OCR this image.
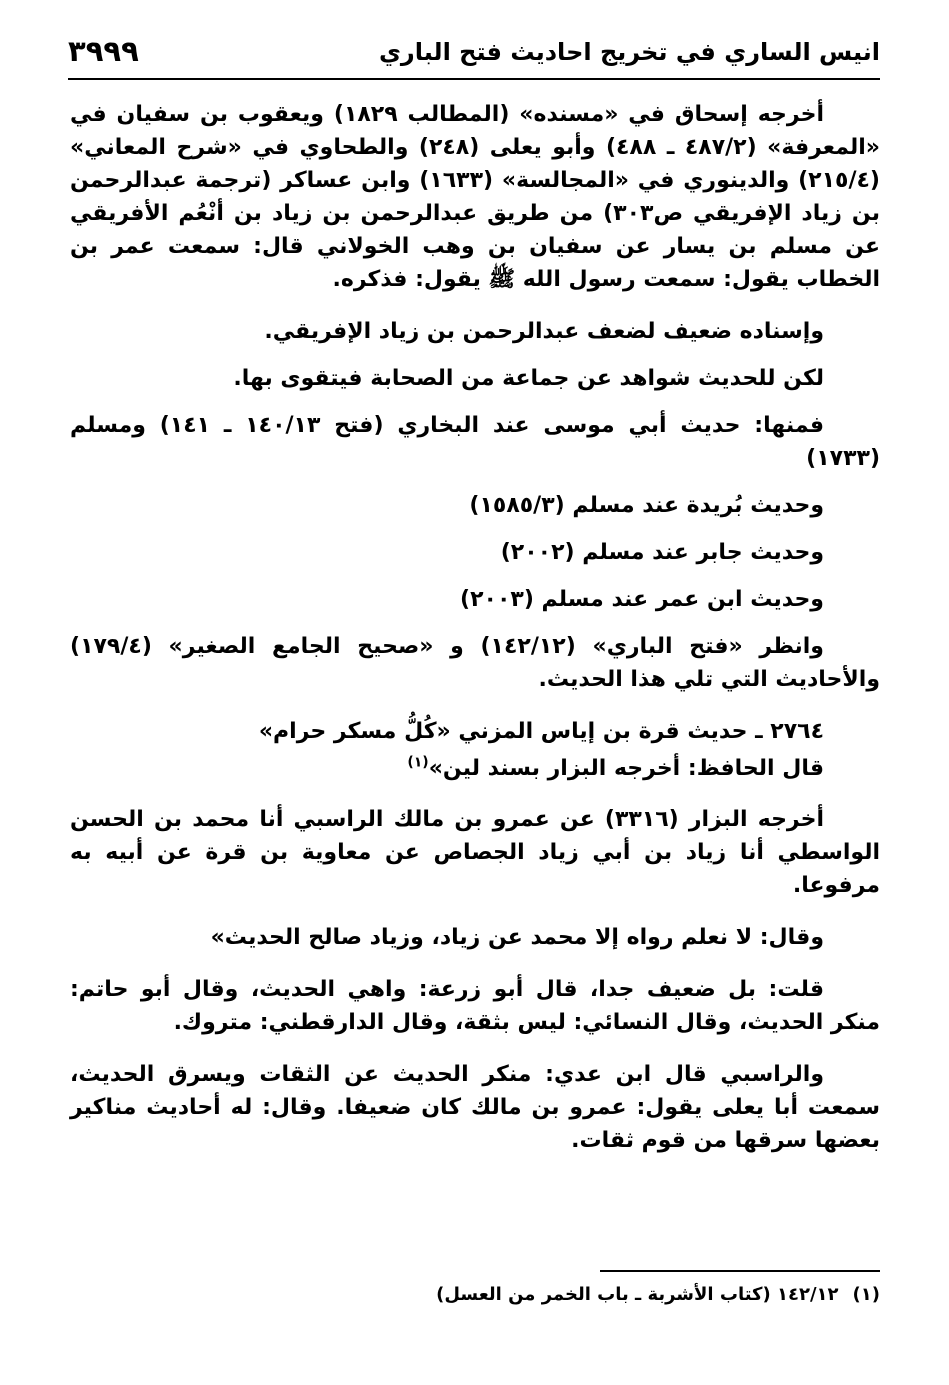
انيس الساري في تخريج احاديث فتح الباري
٣٩٩٩

أخرجه إسحاق في «مسنده» (المطالب ١٨٢٩) ويعقوب بن سفيان في «المعرفة» (٤٨٧/٢ ـ ٤٨٨) وأبو يعلى (٢٤٨) والطحاوي في «شرح المعاني» (٢١٥/٤) والدينوري في «المجالسة» (١٦٣٣) وابن عساكر (ترجمة عبدالرحمن بن زياد الإفريقي ص٣٠٣) من طريق عبدالرحمن بن زياد بن أنْعُم الأفريقي عن مسلم بن يسار عن سفيان بن وهب الخولاني قال: سمعت عمر بن الخطاب يقول: سمعت رسول الله ﷺ يقول: فذكره.

وإسناده ضعيف لضعف عبدالرحمن بن زياد الإفريقي.

لكن للحديث شواهد عن جماعة من الصحابة فيتقوى بها.

فمنها: حديث أبي موسى عند البخاري (فتح ١٤٠/١٣ ـ ١٤١) ومسلم (١٧٣٣)

وحديث بُريدة عند مسلم (١٥٨٥/٣)

وحديث جابر عند مسلم (٢٠٠٢)

وحديث ابن عمر عند مسلم (٢٠٠٣)

وانظر «فتح الباري» (١٤٢/١٢) و «صحيح الجامع الصغير» (١٧٩/٤) والأحاديث التي تلي هذا الحديث.

٢٧٦٤ ـ حديث قرة بن إياس المزني «كُلُّ مسكر حرام»

قال الحافظ: أخرجه البزار بسند لين»$^{(١)}$

أخرجه البزار (٣٣١٦) عن عمرو بن مالك الراسبي أنا محمد بن الحسن الواسطي أنا زياد بن أبي زياد الجصاص عن معاوية بن قرة عن أبيه به مرفوعا.

وقال: لا نعلم رواه إلا محمد عن زياد، وزياد صالح الحديث»

قلت: بل ضعيف جدا، قال أبو زرعة: واهي الحديث، وقال أبو حاتم: منكر الحديث، وقال النسائي: ليس بثقة، وقال الدارقطني: متروك.

والراسبي قال ابن عدي: منكر الحديث عن الثقات ويسرق الحديث، سمعت أبا يعلى يقول: عمرو بن مالك كان ضعيفا. وقال: له أحاديث مناكير بعضها سرقها من قوم ثقات.

(١)١٤٢/١٢ (كتاب الأشربة ـ باب الخمر من العسل)
